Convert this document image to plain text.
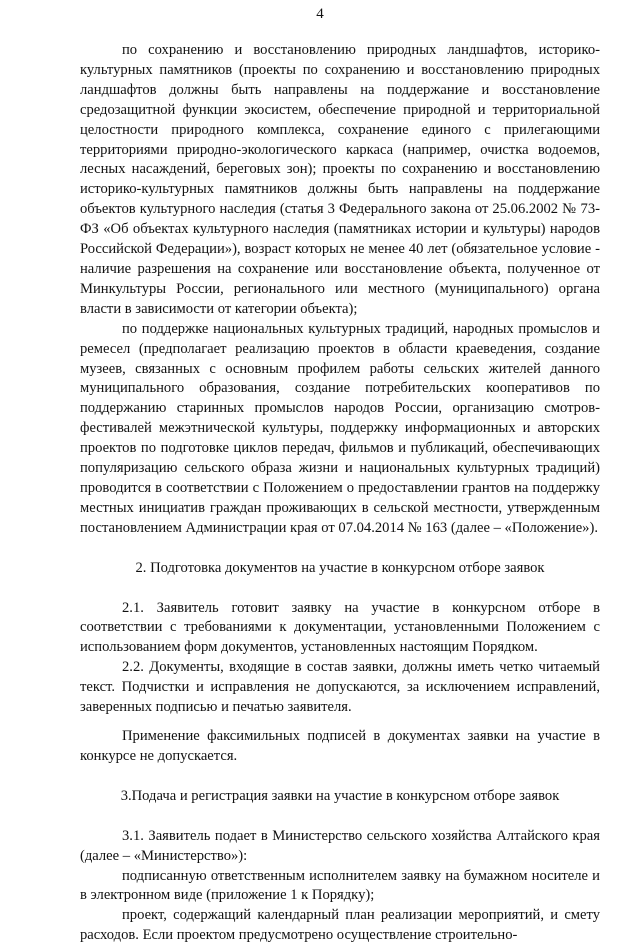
4

по сохранению и восстановлению природных ландшафтов, историко-культурных памятников (проекты по сохранению и восстановлению природных ландшафтов должны быть направлены на поддержание и восстановление средозащитной функции экосистем, обеспечение природной и территориальной целостности природного комплекса, сохранение единого с прилегающими территориями природно-экологического каркаса (например, очистка водоемов, лесных насаждений, береговых зон); проекты по сохранению и восстановлению историко-культурных памятников должны быть направлены на поддержание объектов культурного наследия (статья 3 Федерального закона от 25.06.2002 № 73-ФЗ «Об объектах культурного наследия (памятниках истории и культуры) народов Российской Федерации»), возраст которых не менее 40 лет (обязательное условие - наличие разрешения на сохранение или восстановление объекта, полученное от Минкультуры России, регионального или местного (муниципального) органа власти в зависимости от категории объекта);

по поддержке национальных культурных традиций, народных промыслов и ремесел (предполагает реализацию проектов в области краеведения, создание музеев, связанных с основным профилем работы сельских жителей данного муниципального образования, создание потребительских кооперативов по поддержанию старинных промыслов народов России, организацию смотров-фестивалей межэтнической культуры, поддержку информационных и авторских проектов по подготовке циклов передач, фильмов и публикаций, обеспечивающих популяризацию сельского образа жизни и национальных культурных традиций) проводится в соответствии с Положением о предоставлении грантов на поддержку местных инициатив граждан проживающих в сельской местности, утвержденным постановлением Администрации края от 07.04.2014 № 163 (далее – «Положение»).

2. Подготовка документов на участие в конкурсном отборе заявок

2.1. Заявитель готовит заявку на участие в конкурсном отборе в соответствии с требованиями к документации, установленными Положением с использованием форм документов, установленных настоящим Порядком.

2.2. Документы, входящие в состав заявки, должны иметь четко читаемый текст. Подчистки и исправления не допускаются, за исключением исправлений, заверенных подписью и печатью заявителя.

Применение факсимильных подписей в документах заявки на участие в конкурсе не допускается.

3.Подача и регистрация заявки на участие в конкурсном отборе заявок

3.1. Заявитель подает в Министерство сельского хозяйства Алтайского края (далее – «Министерство»):

подписанную ответственным исполнителем заявку на бумажном носителе и в электронном виде (приложение 1 к Порядку);

проект, содержащий календарный план реализации мероприятий, и смету расходов. Если проектом предусмотрено осуществление строительно-
